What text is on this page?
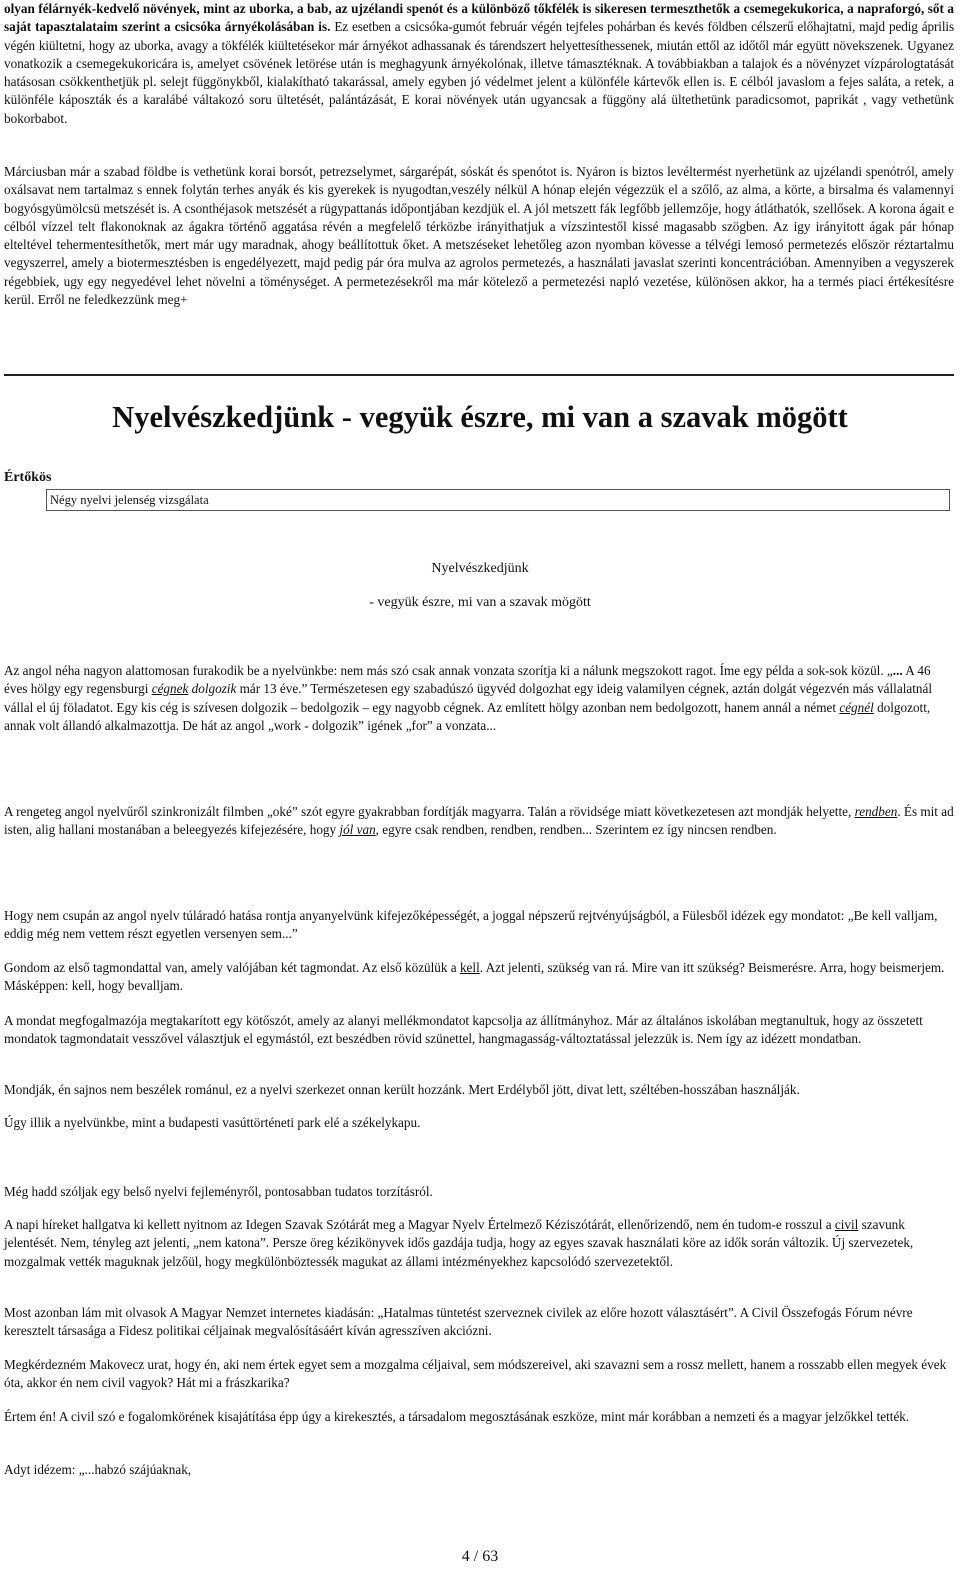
olyan félárnyék-kedvelő növények, mint az uborka, a bab, az ujzélandi spenót és a különböző tőkfélék is sikeresen termeszthetők a csemegekukorica, a napraforgó, sőt a saját tapasztalataim szerint a csicsóka árnyékolásában is. Ez esetben a csicsóka-gumót február végén tejfeles pohárban és kevés földben célszerű előhajtatni, majd pedig április végén kiültetni, hogy az uborka, avagy a tökfélék kiültetésekor már árnyékot adhassanak és tárendszert helyettesíthessenek, miután ettől az időtől már együtt növekszenek. Ugyanez vonatkozik a csemegekukoricára is, amelyet csövének letörése után is meghagyunk árnyékolónak, illetve támasztéknak. A továbbiakban a talajok és a növényzet vízpárologtatását hatásosan csökkenthetjük pl. selejt függönykből, kialakítható takarással, amely egyben jó védelmet jelent a különféle kártevők ellen is. E célból javaslom a fejes saláta, a retek, a különféle káposzták és a karalábé váltakozó soru ültetését, palántázását, E korai növények után ugyancsak a függöny alá ültethetünk paradicsomot, paprikát , vagy vethetünk bokorbabot.

Márciusban már a szabad földbe is vethetünk korai borsót, petrezselymet, sárgarépát, sóskát és spenótot is. Nyáron is biztos levéltermést nyerhetünk az ujzélandi spenótról, amely oxálsavat nem tartalmaz s ennek folytán terhes anyák és kis gyerekek is nyugodtan,veszély nélkül A hónap elején végezzük el a szőlő, az alma, a körte, a birsalma és valamennyi bogyósgyümölcsü metszését is. A csonthéjasok metszését a rügypattanás időpontjában kezdjük el. A jól metszett fák legfőbb jellemzője, hogy átláthatók, szellősek. A korona ágait e célból vízzel telt flakonoknak az ágakra történő aggatása révén a megfelelő térközbe irányithatjuk a vízszintestől kissé magasabb szögben. Az igy irányitott ágak pár hónap elteltével tehermentesíthetők, mert már ugy maradnak, ahogy beállítottuk őket. A metszéseket lehetőleg azon nyomban kövesse a télvégi lemosó permetezés először réztartalmu vegyszerrel, amely a biotermesztésben is engedélyezett, majd pedig pár óra mulva az agrolos permetezés, a használati javaslat szerinti koncentrációban. Amennyiben a vegyszerek régebbiek, ugy egy negyedével lehet növelni a töménységet. A permetezésekről ma már kötelező a permetezési napló vezetése, különösen akkor, ha a termés piaci értékesítésre kerül. Erről ne feledkezzünk meg+

Nyelvészkedjünk - vegyük észre, mi van a szavak mögött

Értőkös

Négy nyelvi jelenség vizsgálata

Nyelvészkedjünk

- vegyük észre, mi van a szavak mögött

Az angol néha nagyon alattomosan furakodik be a nyelvünkbe: nem más szó csak annak vonzata szorítja ki a nálunk megszokott ragot. Íme egy példa a sok-sok közül. „... A 46 éves hölgy egy regensburgi cégnek dolgozik már 13 éve.” Természetesen egy szabadúszó ügyvéd dolgozhat egy ideig valamilyen cégnek, aztán dolgát végezvén más vállalatnál vállal el új föladatot. Egy kis cég is szívesen dolgozik – bedolgozik – egy nagyobb cégnek. Az említett hölgy azonban nem bedolgozott, hanem annál a német cégnél dolgozott, annak volt állandó alkalmazottja. De hát az angol „work - dolgozik” igének „for” a vonzata...

A rengeteg angol nyelvűről szinkronizált filmben „oké” szót egyre gyakrabban fordítják magyarra. Talán a rövidsége miatt következetesen azt mondják helyette, rendben. És mit ad isten, alig hallani mostanában a beleegyezés kifejezésére, hogy jól van, egyre csak rendben, rendben, rendben... Szerintem ez így nincsen rendben.

Hogy nem csupán az angol nyelv túláradó hatása rontja anyanyelvünk kifejezőképességét, a joggal népszerű rejtvényújságból, a Fülesből idézek egy mondatot: „Be kell valljam, eddig még nem vettem részt egyetlen versenyen sem...”

Gondom az első tagmondattal van, amely valójában két tagmondat. Az első közülük a kell. Azt jelenti, szükség van rá. Mire van itt szükség? Beismerésre. Arra, hogy beismerjem. Másképpen: kell, hogy bevalljam.

A mondat megfogalmazója megtakarított egy kötőszót, amely az alanyi mellékmondatot kapcsolja az állítmányhoz. Már az általános iskolában megtanultuk, hogy az összetett mondatok tagmondatait vesszővel választjuk el egymástól, ezt beszédben rövid szünettel, hangmagasság-változtatással jelezzük is. Nem így az idézett mondatban.

Mondják, én sajnos nem beszélek románul, ez a nyelvi szerkezet onnan került hozzánk. Mert Erdélyből jött, divat lett, széltében-hosszában használják.

Úgy illik a nyelvünkbe, mint a budapesti vasúttörténeti park elé a székelykapu.

Még hadd szóljak egy belső nyelvi fejleményről, pontosabban tudatos torzításról.

A napi híreket hallgatva ki kellett nyitnom az Idegen Szavak Szótárát meg a Magyar Nyelv Értelmező Kéziszótárát, ellenőrizendő, nem én tudom-e rosszul a civil szavunk jelentését. Nem, tényleg azt jelenti, „nem katona”. Persze öreg kézikönyvek idős gazdája tudja, hogy az egyes szavak használati köre az idők során változik. Új szervezetek, mozgalmak vették maguknak jelzőül, hogy megkülönböztessék magukat az állami intézményekhez kapcsolódó szervezetektől.

Most azonban lám mit olvasok A Magyar Nemzet internetes kiadásán: „Hatalmas tüntetést szerveznek civilek az előre hozott választásért”. A Civil Összefogás Fórum névre keresztelt társasága a Fidesz politikai céljainak megvalósításáért kíván agresszíven akciózni.

Megkérdezném Makovecz urat, hogy én, aki nem értek egyet sem a mozgalma céljaival, sem módszereivel, aki szavazni sem a rossz mellett, hanem a rosszabb ellen megyek évek óta, akkor én nem civil vagyok? Hát mi a frászkarika?

Értem én! A civil szó e fogalomkörének kisajátítása épp úgy a kirekesztés, a társadalom megosztásának eszköze, mint már korábban a nemzeti és a magyar jelzőkkel tették.

Adyt idézem: „...habzó szájúaknak,

4 / 63
